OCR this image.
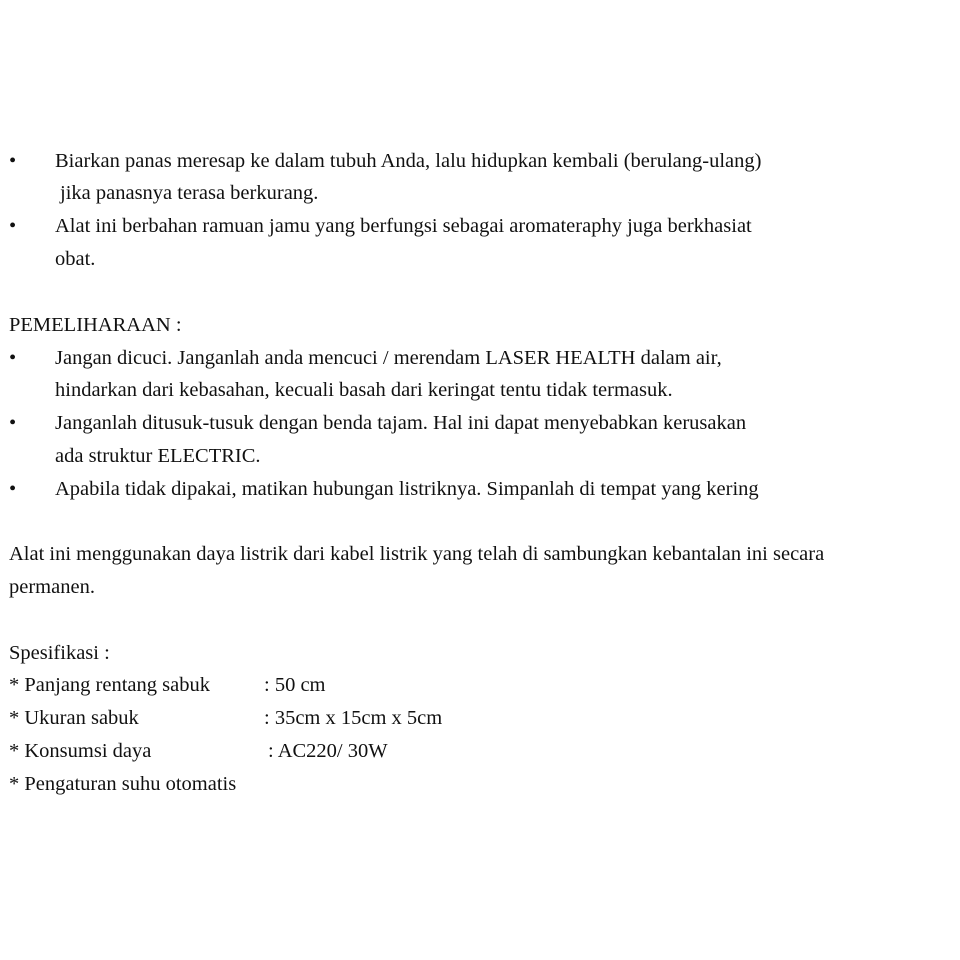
• Biarkan panas meresap ke dalam tubuh Anda, lalu hidupkan kembali (berulang-ulang)
jika panasnya terasa berkurang.
• Alat ini berbahan ramuan jamu yang berfungsi sebagai aromateraphy juga berkhasiat
obat.
PEMELIHARAAN :
• Jangan dicuci. Janganlah anda mencuci / merendam LASER HEALTH dalam air,
hindarkan dari kebasahan, kecuali basah dari keringat tentu tidak termasuk.
• Janganlah ditusuk-tusuk dengan benda tajam. Hal ini dapat menyebabkan kerusakan
ada struktur ELECTRIC.
• Apabila tidak dipakai, matikan hubungan listriknya. Simpanlah di tempat yang kering
Alat ini menggunakan daya listrik dari kabel listrik yang telah di sambungkan kebantalan ini secara
permanen.
Spesifikasi :
* Panjang rentang sabuk	: 50 cm
* Ukuran sabuk	: 35cm x 15cm x 5cm
* Konsumsi daya	: AC220/ 30W
* Pengaturan suhu otomatis
